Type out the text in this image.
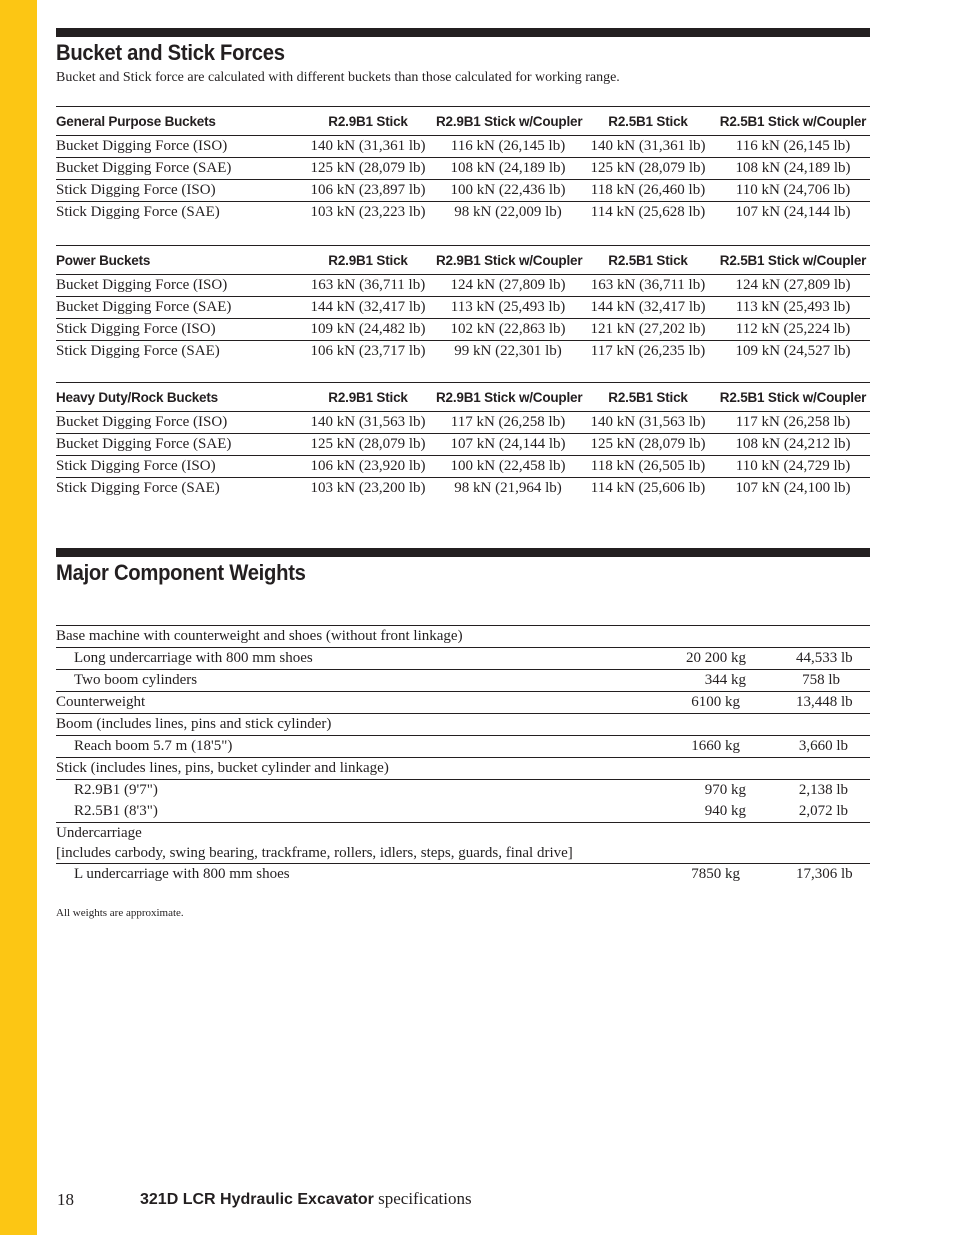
Bucket and Stick Forces
Bucket and Stick force are calculated with different buckets than those calculated for working range.
General Purpose Buckets	R2.9B1 Stick	R2.9B1 Stick w/Coupler	R2.5B1 Stick	R2.5B1 Stick w/Coupler
Bucket Digging Force (ISO)	140 kN (31,361 lb)	116 kN (26,145 lb)	140 kN (31,361 lb)	116 kN (26,145 lb)
Bucket Digging Force (SAE)	125 kN (28,079 lb)	108 kN (24,189 lb)	125 kN (28,079 lb)	108 kN (24,189 lb)
Stick Digging Force (ISO)	106 kN (23,897 lb)	100 kN (22,436 lb)	118 kN (26,460 lb)	110 kN (24,706 lb)
Stick Digging Force (SAE)	103 kN (23,223 lb)	98 kN (22,009 lb)	114 kN (25,628 lb)	107 kN (24,144 lb)
Power Buckets	R2.9B1 Stick	R2.9B1 Stick w/Coupler	R2.5B1 Stick	R2.5B1 Stick w/Coupler
Bucket Digging Force (ISO)	163 kN (36,711 lb)	124 kN (27,809 lb)	163 kN (36,711 lb)	124 kN (27,809 lb)
Bucket Digging Force (SAE)	144 kN (32,417 lb)	113 kN (25,493 lb)	144 kN (32,417 lb)	113 kN (25,493 lb)
Stick Digging Force (ISO)	109 kN (24,482 lb)	102 kN (22,863 lb)	121 kN (27,202 lb)	112 kN (25,224 lb)
Stick Digging Force (SAE)	106 kN (23,717 lb)	99 kN (22,301 lb)	117 kN (26,235 lb)	109 kN (24,527 lb)
Heavy Duty/Rock Buckets	R2.9B1 Stick	R2.9B1 Stick w/Coupler	R2.5B1 Stick	R2.5B1 Stick w/Coupler
Bucket Digging Force (ISO)	140 kN (31,563 lb)	117 kN (26,258 lb)	140 kN (31,563 lb)	117 kN (26,258 lb)
Bucket Digging Force (SAE)	125 kN (28,079 lb)	107 kN (24,144 lb)	125 kN (28,079 lb)	108 kN (24,212 lb)
Stick Digging Force (ISO)	106 kN (23,920 lb)	100 kN (22,458 lb)	118 kN (26,505 lb)	110 kN (24,729 lb)
Stick Digging Force (SAE)	103 kN (23,200 lb)	98 kN (21,964 lb)	114 kN (25,606 lb)	107 kN (24,100 lb)
Major Component Weights
Base machine with counterweight and shoes (without front linkage)				
Long undercarriage with 800 mm shoes	20 200 kg		44,533 lb	
Two boom cylinders	344 kg		758 lb	
Counterweight	6100 kg		13,448 lb	
Boom (includes lines, pins and stick cylinder)				
Reach boom 5.7 m (18'5")	1660 kg		3,660 lb	
Stick (includes lines, pins, bucket cylinder and linkage)				
R2.9B1 (9'7")	970 kg		2,138 lb	
R2.5B1 (8'3")	940 kg		2,072 lb	

Undercarriage
[includes carbody, swing bearing, trackframe, rollers, idlers, steps, guards, final drive]				

L undercarriage with 800 mm shoes	7850 kg		17,306 lb	
All weights are approximate.
18	321D LCR Hydraulic Excavator specifications
